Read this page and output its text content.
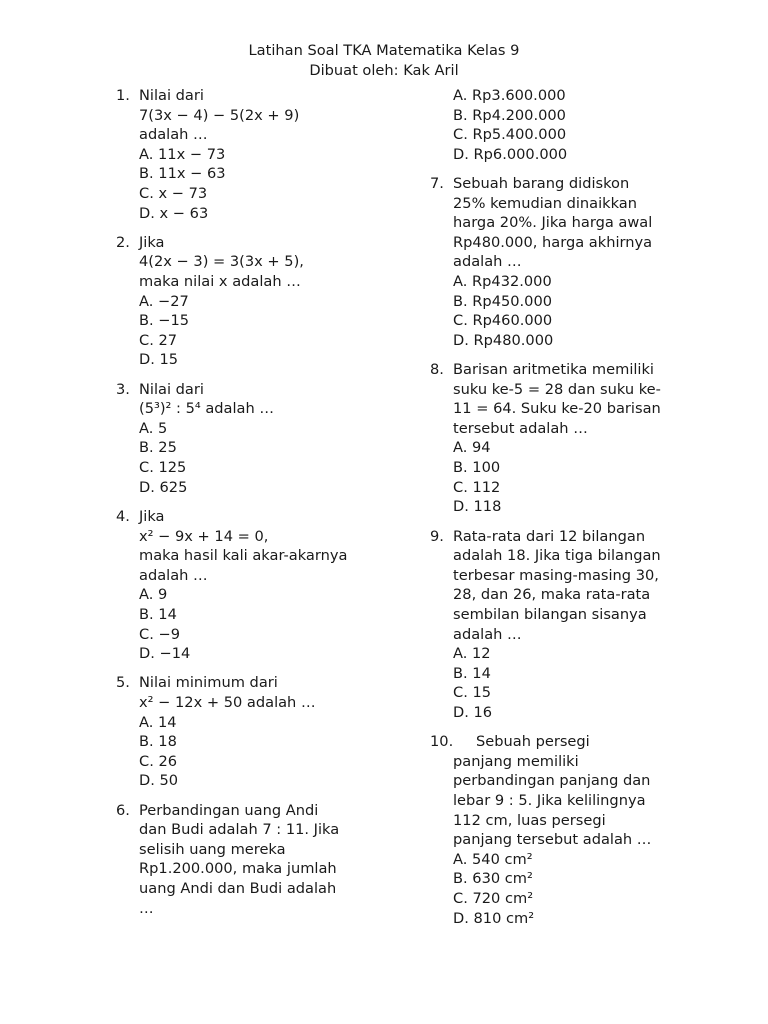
Latihan Soal TKA Matematika Kelas 9
Dibuat oleh: Kak Aril
1. Nilai dari
7(3x − 4) − 5(2x + 9)
adalah …
A. 11x − 73
B. 11x − 63
C. x − 73
D. x − 63
2. Jika
4(2x − 3) = 3(3x + 5),
maka nilai x adalah …
A. −27
B. −15
C. 27
D. 15
3. Nilai dari
(5³)² : 5⁴ adalah …
A. 5
B. 25
C. 125
D. 625
4. Jika
x² − 9x + 14 = 0,
maka hasil kali akar-akarnya
adalah …
A. 9
B. 14
C. −9
D. −14
5. Nilai minimum dari
x² − 12x + 50 adalah …
A. 14
B. 18
C. 26
D. 50
6. Perbandingan uang Andi
dan Budi adalah 7 : 11. Jika
selisih uang mereka
Rp1.200.000, maka jumlah
uang Andi dan Budi adalah
…
A. Rp3.600.000
B. Rp4.200.000
C. Rp5.400.000
D. Rp6.000.000
7. Sebuah barang didiskon
25% kemudian dinaikkan
harga 20%. Jika harga awal
Rp480.000, harga akhirnya
adalah …
A. Rp432.000
B. Rp450.000
C. Rp460.000
D. Rp480.000
8. Barisan aritmetika memiliki
suku ke-5 = 28 dan suku ke-
11 = 64. Suku ke-20 barisan
tersebut adalah …
A. 94
B. 100
C. 112
D. 118
9. Rata-rata dari 12 bilangan
adalah 18. Jika tiga bilangan
terbesar masing-masing 30,
28, dan 26, maka rata-rata
sembilan bilangan sisanya
adalah …
A. 12
B. 14
C. 15
D. 16
10.	Sebuah persegi
panjang memiliki
perbandingan panjang dan
lebar 9 : 5. Jika kelilingnya
112 cm, luas persegi
panjang tersebut adalah …
A. 540 cm²
B. 630 cm²
C. 720 cm²
D. 810 cm²
